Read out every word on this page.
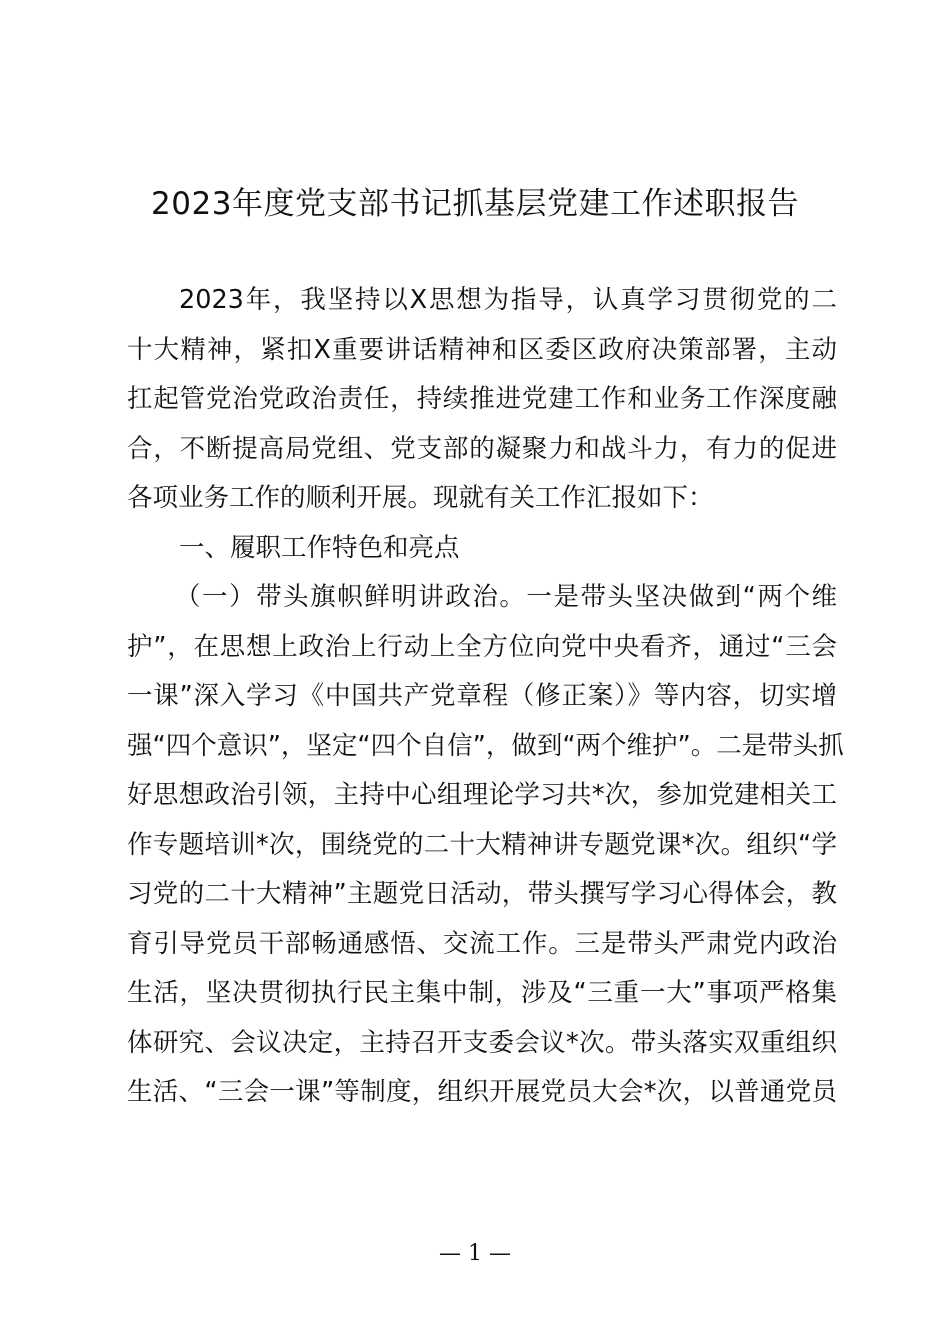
2023年度党支部书记抓基层党建工作述职报告
2023年，我坚持以X思想为指导，认真学习贯彻党的二
十大精神，紧扣X重要讲话精神和区委区政府决策部署，主动
扛起管党治党政治责任，持续推进党建工作和业务工作深度融
合，不断提高局党组、党支部的凝聚力和战斗力，有力的促进
各项业务工作的顺利开展。现就有关工作汇报如下：
一、履职工作特色和亮点
（一）带头旗帜鲜明讲政治。一是带头坚决做到“两个维
护”，在思想上政治上行动上全方位向党中央看齐，通过“三会
一课”深入学习《中国共产党章程（修正案）》等内容，切实增
强“四个意识”，坚定“四个自信”，做到“两个维护”。二是带头抓
好思想政治引领，主持中心组理论学习共*次，参加党建相关工
作专题培训*次，围绕党的二十大精神讲专题党课*次。组织“学
习党的二十大精神”主题党日活动，带头撰写学习心得体会，教
育引导党员干部畅通感悟、交流工作。三是带头严肃党内政治
生活，坚决贯彻执行民主集中制，涉及“三重一大”事项严格集
体研究、会议决定，主持召开支委会议*次。带头落实双重组织
生活、“三会一课”等制度，组织开展党员大会*次，以普通党员
— 1 —
